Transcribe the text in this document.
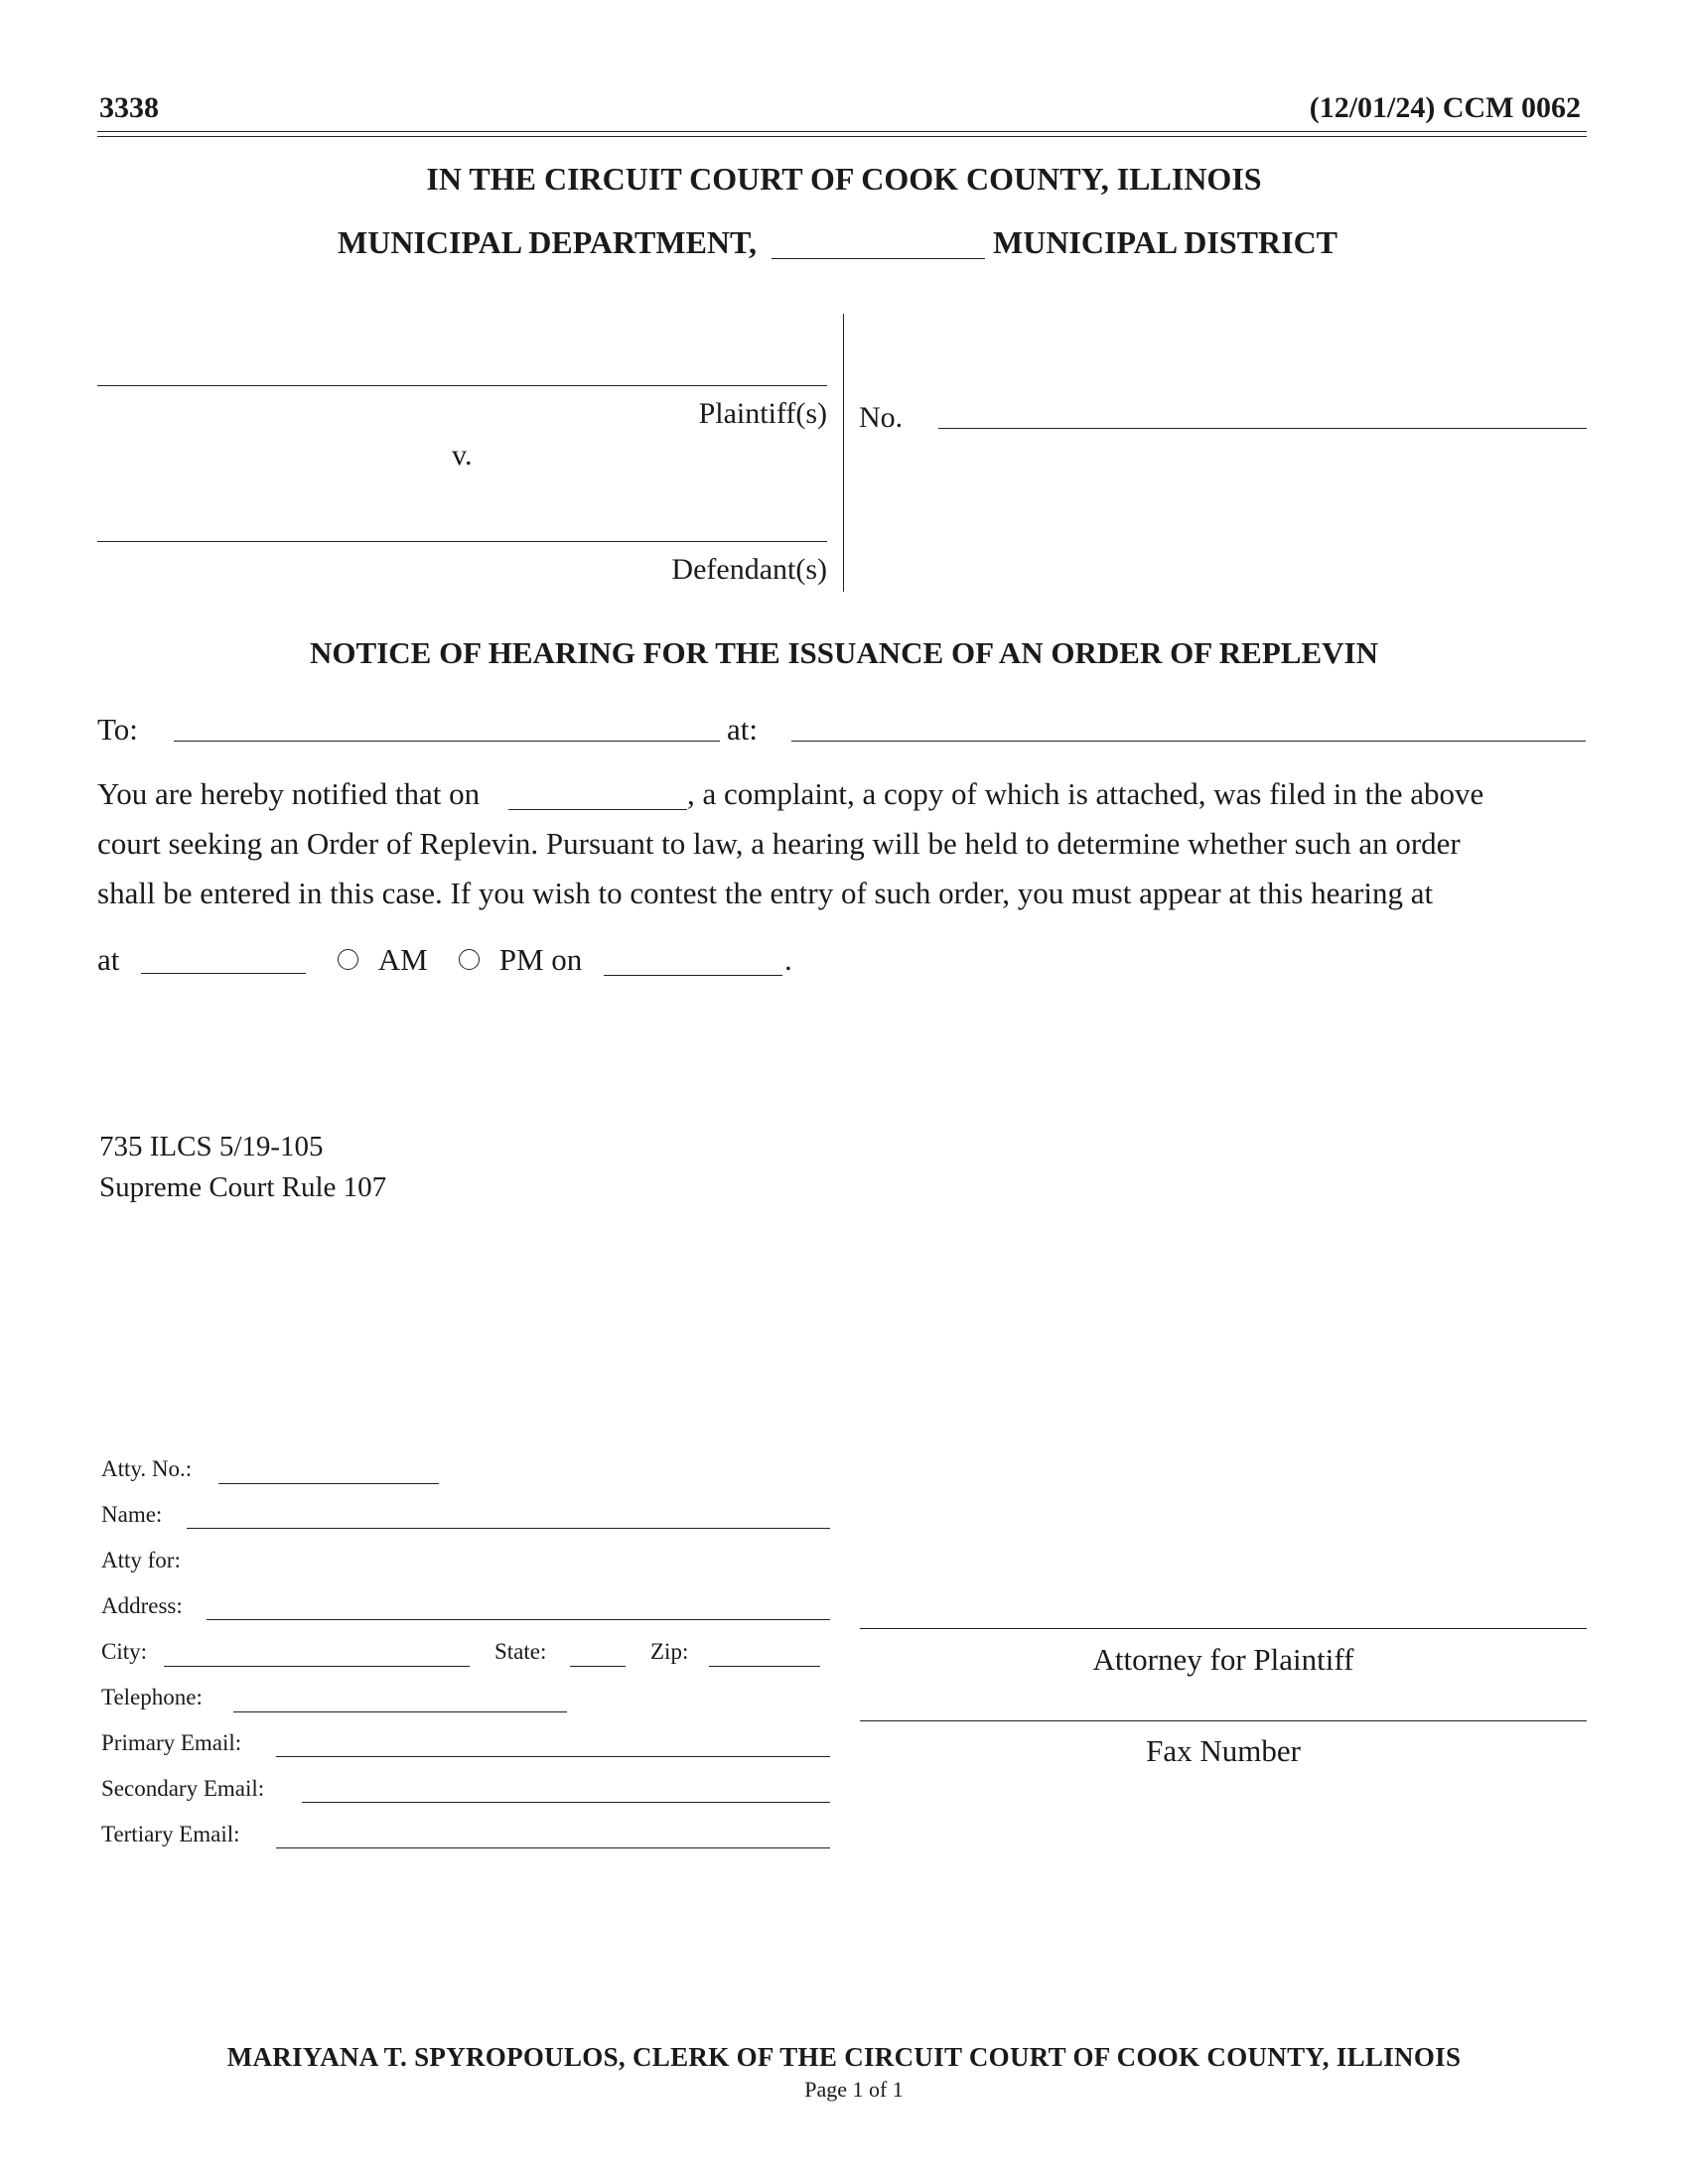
3338	(12/01/24) CCM 0062
IN THE CIRCUIT COURT OF COOK COUNTY, ILLINOIS
MUNICIPAL DEPARTMENT,	MUNICIPAL DISTRICT
Plaintiff(s)
v.
Defendant(s)
No.
NOTICE OF HEARING FOR THE ISSUANCE OF AN ORDER OF REPLEVIN
To:	at:
You are hereby notified that on	, a complaint, a copy of which is attached, was filed in the above
court seeking an Order of Replevin. Pursuant to law, a hearing will be held to determine whether such an order
shall be entered in this case. If you wish to contest the entry of such order, you must appear at this hearing at
at	AM	PM on	.
735 ILCS 5/19-105
Supreme Court Rule 107
Atty. No.:
Name:
Atty for:
Address:
City:	State:	Zip:
Telephone:
Primary Email:
Secondary Email:
Tertiary Email:
Attorney for Plaintiff
Fax Number
MARIYANA T. SPYROPOULOS, CLERK OF THE CIRCUIT COURT OF COOK COUNTY, ILLINOIS
Page 1 of 1
